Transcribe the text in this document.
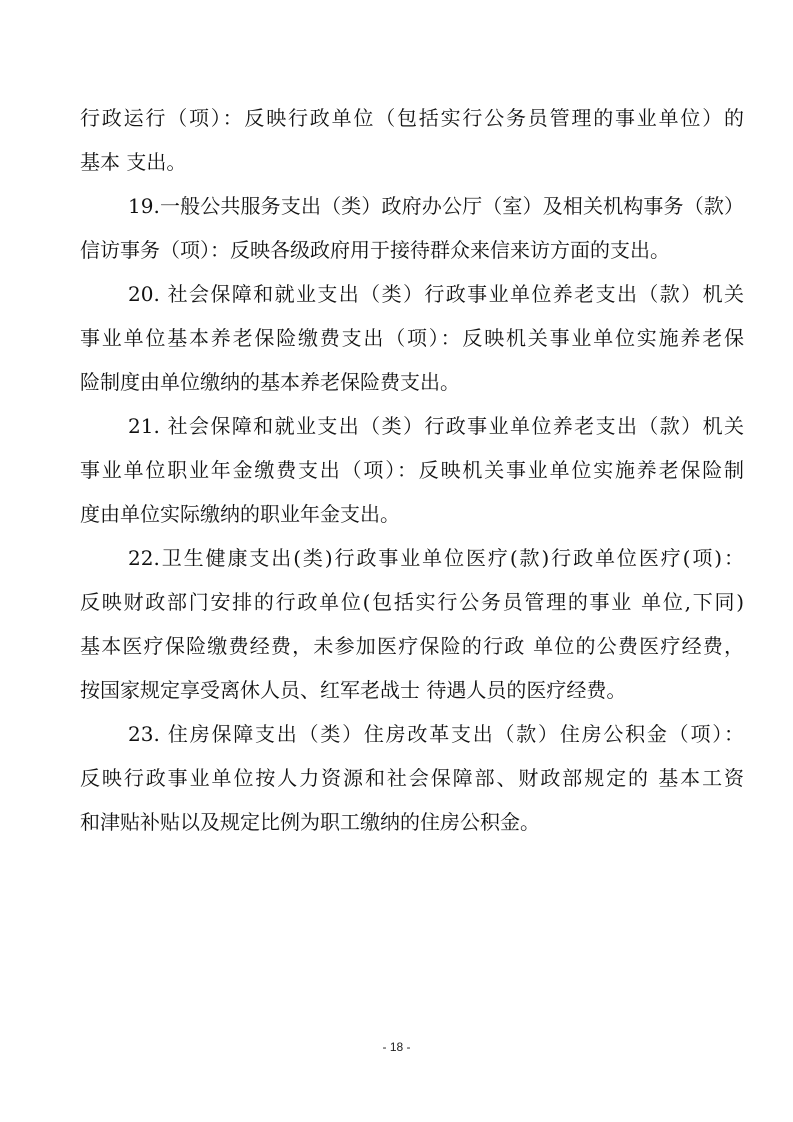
行政运行（项）：反映行政单位（包括实行公务员管理的事业单位）的
基本 支出。
19.一般公共服务支出（类）政府办公厅（室）及相关机构事务（款）
信访事务（项）：反映各级政府用于接待群众来信来访方面的支出。
20. 社会保障和就业支出（类）行政事业单位养老支出（款）机关
事业单位基本养老保险缴费支出（项）：反映机关事业单位实施养老保
险制度由单位缴纳的基本养老保险费支出。
21. 社会保障和就业支出（类）行政事业单位养老支出（款）机关
事业单位职业年金缴费支出（项）：反映机关事业单位实施养老保险制
度由单位实际缴纳的职业年金支出。
22.卫生健康支出(类)行政事业单位医疗(款)行政单位医疗(项)：
反映财政部门安排的行政单位(包括实行公务员管理的事业 单位,下同)
基本医疗保险缴费经费，未参加医疗保险的行政 单位的公费医疗经费，
按国家规定享受离休人员、红军老战士 待遇人员的医疗经费。
23. 住房保障支出（类）住房改革支出（款）住房公积金（项）：
反映行政事业单位按人力资源和社会保障部、财政部规定的 基本工资
和津贴补贴以及规定比例为职工缴纳的住房公积金。
- 18 -
